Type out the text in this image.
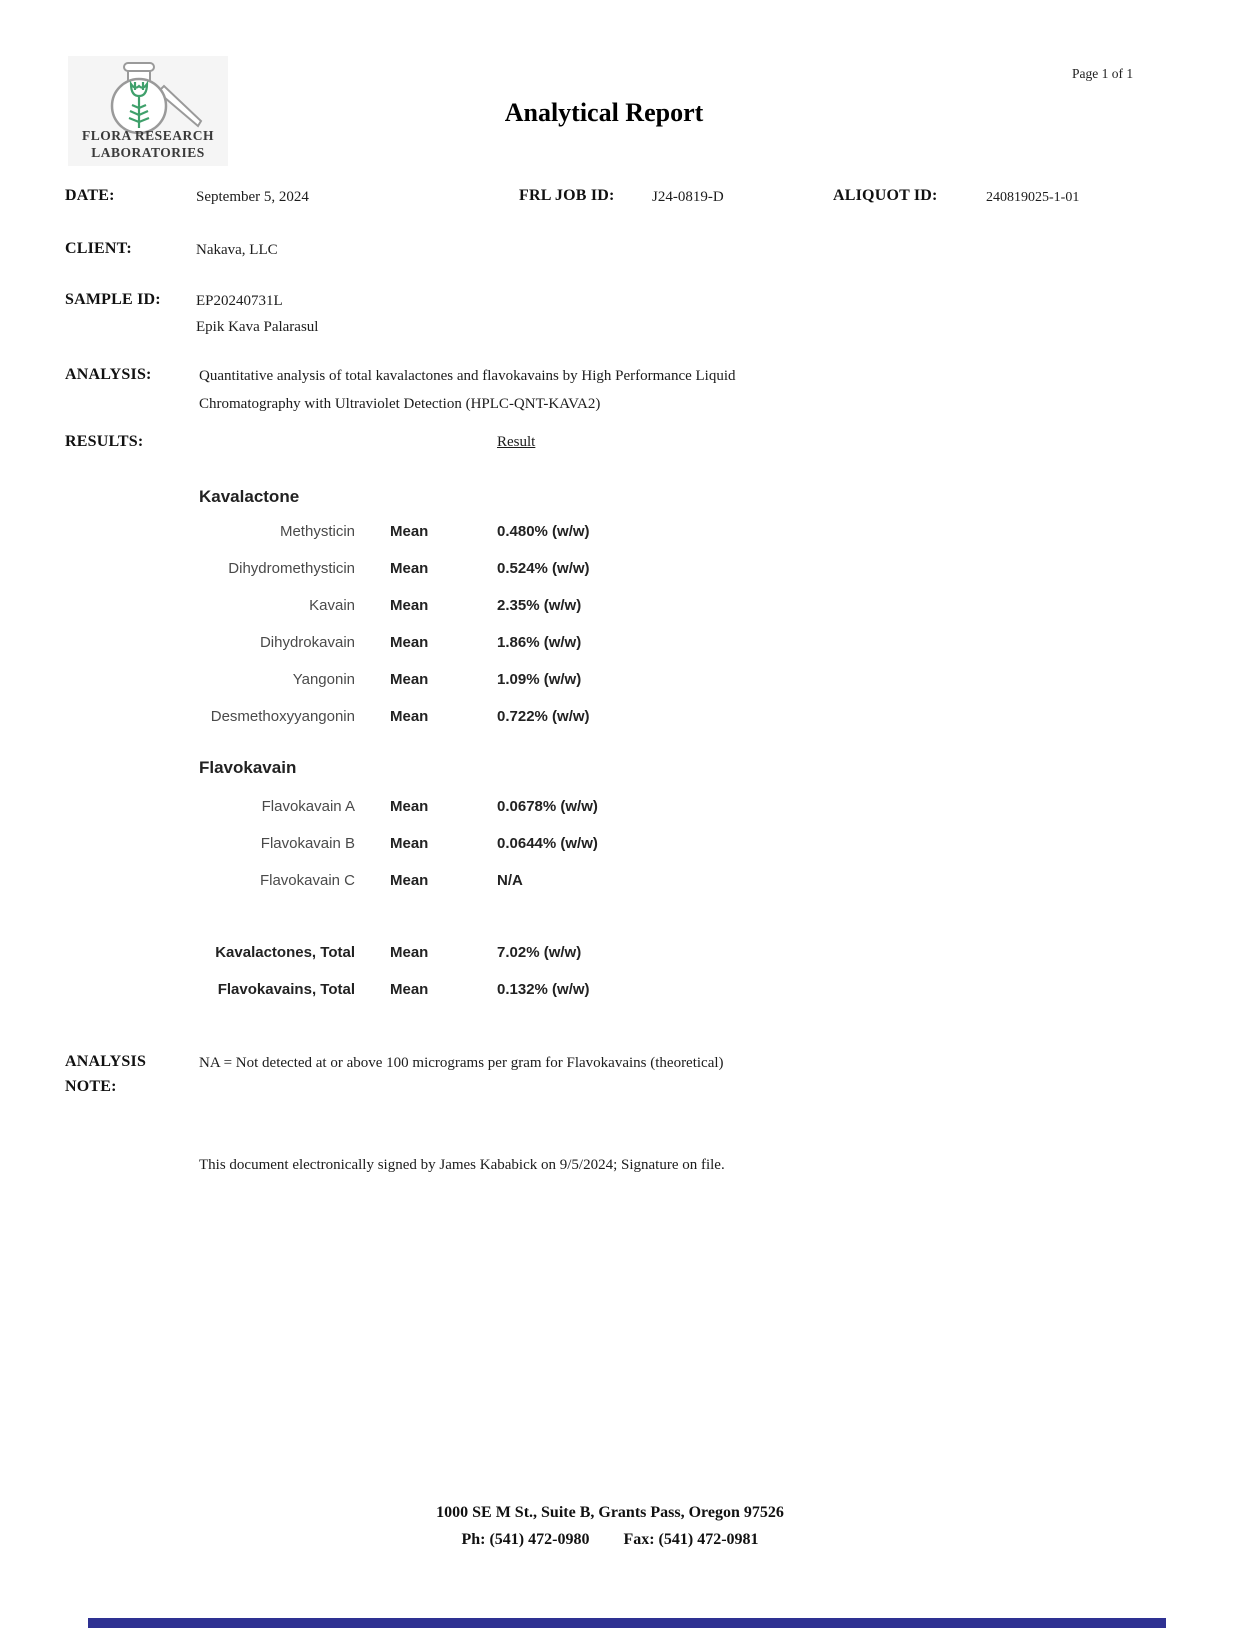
FLORA RESEARCH
LABORATORIES
Page 1 of 1
Analytical Report
DATE:	September 5, 2024	FRL JOB ID: J24-0819-D	ALIQUOT ID:	240819025-1-01
CLIENT:	Nakava, LLC
SAMPLE ID: EP20240731L
Epik Kava Palarasul
ANALYSIS:	Quantitative analysis of total kavalactones and flavokavains by High Performance Liquid
Chromatography with Ultraviolet Detection (HPLC-QNT-KAVA2)
RESULTS:	Result
Kavalactone
Methysticin Mean	0.480% (w/w)
Dihydromethysticin Mean	0.524% (w/w)
Kavain Mean	2.35% (w/w)
Dihydrokavain Mean	1.86% (w/w)
Yangonin Mean	1.09% (w/w)
Desmethoxyyangonin Mean	0.722% (w/w)
Flavokavain
Flavokavain A Mean	0.0678% (w/w)
Flavokavain B Mean	0.0644% (w/w)
Flavokavain C Mean	N/A
Kavalactones, Total Mean	7.02% (w/w)
Flavokavains, Total Mean	0.132% (w/w)
ANALYSIS
NOTE:
NA = Not detected at or above 100 micrograms per gram for Flavokavains (theoretical)
This document electronically signed by James Kababick on 9/5/2024; Signature on file.
1000 SE M St., Suite B, Grants Pass, Oregon 97526
Ph: (541) 472-0980 Fax: (541) 472-0981
